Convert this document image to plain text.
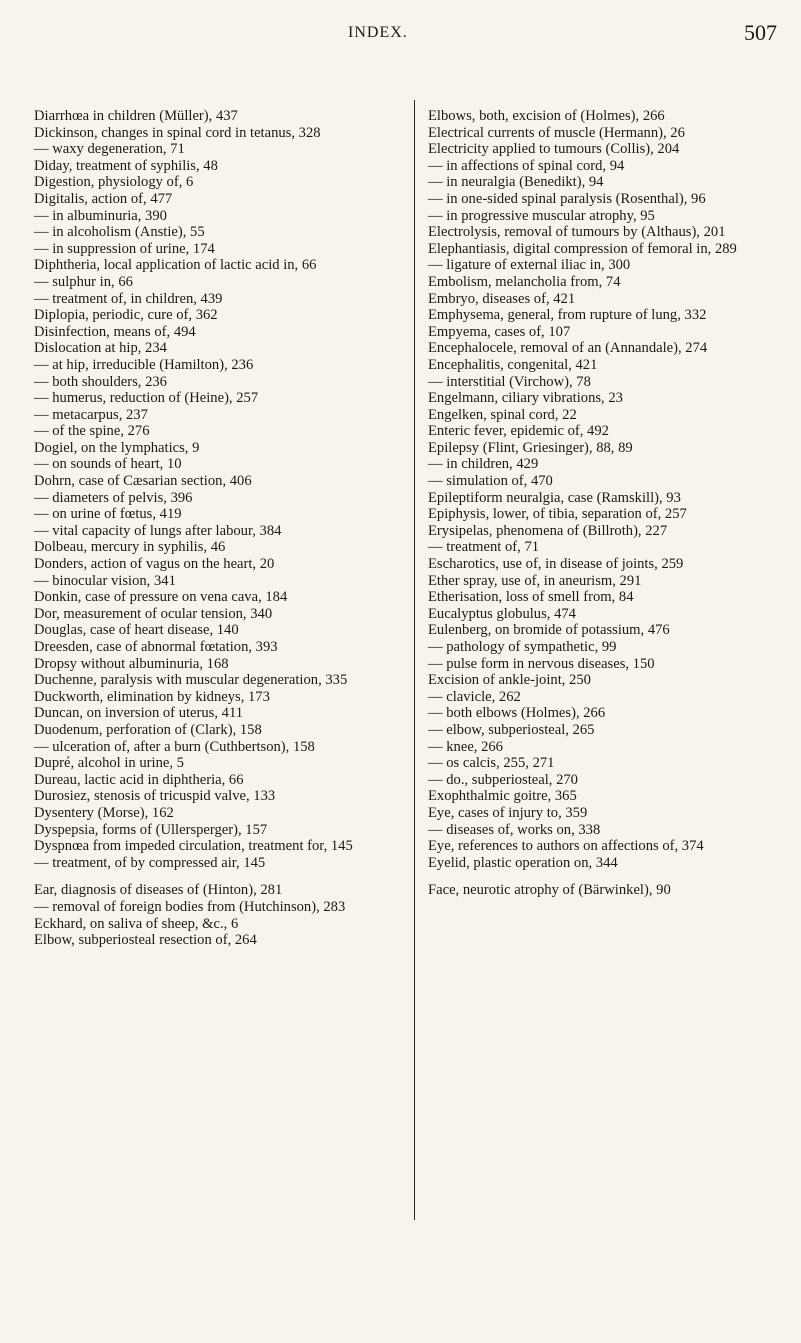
INDEX.	507

Diarrhœa in children (Müller), 437

Dickinson, changes in spinal cord in tetanus, 328

— waxy degeneration, 71

Diday, treatment of syphilis, 48

Digestion, physiology of, 6

Digitalis, action of, 477

— in albuminuria, 390

— in alcoholism (Anstie), 55

— in suppression of urine, 174

Diphtheria, local application of lactic acid in, 66

— sulphur in, 66

— treatment of, in children, 439

Diplopia, periodic, cure of, 362

Disinfection, means of, 494

Dislocation at hip, 234

— at hip, irreducible (Hamilton), 236

— both shoulders, 236

— humerus, reduction of (Heine), 257

— metacarpus, 237

— of the spine, 276

Dogiel, on the lymphatics, 9

— on sounds of heart, 10

Dohrn, case of Cæsarian section, 406

— diameters of pelvis, 396

— on urine of fœtus, 419

— vital capacity of lungs after labour, 384

Dolbeau, mercury in syphilis, 46

Donders, action of vagus on the heart, 20

— binocular vision, 341

Donkin, case of pressure on vena cava, 184

Dor, measurement of ocular tension, 340

Douglas, case of heart disease, 140

Dreesden, case of abnormal fœtation, 393

Dropsy without albuminuria, 168

Duchenne, paralysis with muscular degeneration, 335

Duckworth, elimination by kidneys, 173

Duncan, on inversion of uterus, 411

Duodenum, perforation of (Clark), 158

— ulceration of, after a burn (Cuthbertson), 158

Dupré, alcohol in urine, 5

Dureau, lactic acid in diphtheria, 66

Durosiez, stenosis of tricuspid valve, 133

Dysentery (Morse), 162

Dyspepsia, forms of (Ullersperger), 157

Dyspnœa from impeded circulation, treatment for, 145

— treatment, of by compressed air, 145

Ear, diagnosis of diseases of (Hinton), 281

— removal of foreign bodies from (Hutchinson), 283

Eckhard, on saliva of sheep, &c., 6

Elbow, subperiosteal resection of, 264

Elbows, both, excision of (Holmes), 266

Electrical currents of muscle (Hermann), 26

Electricity applied to tumours (Collis), 204

— in affections of spinal cord, 94

— in neuralgia (Benedikt), 94

— in one-sided spinal paralysis (Rosenthal), 96

— in progressive muscular atrophy, 95

Electrolysis, removal of tumours by (Althaus), 201

Elephantiasis, digital compression of femoral in, 289

— ligature of external iliac in, 300

Embolism, melancholia from, 74

Embryo, diseases of, 421

Emphysema, general, from rupture of lung, 332

Empyema, cases of, 107

Encephalocele, removal of an (Annandale), 274

Encephalitis, congenital, 421

— interstitial (Virchow), 78

Engelmann, ciliary vibrations, 23

Engelken, spinal cord, 22

Enteric fever, epidemic of, 492

Epilepsy (Flint, Griesinger), 88, 89

— in children, 429

— simulation of, 470

Epileptiform neuralgia, case (Ramskill), 93

Epiphysis, lower, of tibia, separation of, 257

Erysipelas, phenomena of (Billroth), 227

— treatment of, 71

Escharotics, use of, in disease of joints, 259

Ether spray, use of, in aneurism, 291

Etherisation, loss of smell from, 84

Eucalyptus globulus, 474

Eulenberg, on bromide of potassium, 476

— pathology of sympathetic, 99

— pulse form in nervous diseases, 150

Excision of ankle-joint, 250

— clavicle, 262

— both elbows (Holmes), 266

— elbow, subperiosteal, 265

— knee, 266

— os calcis, 255, 271

— do., subperiosteal, 270

Exophthalmic goitre, 365

Eye, cases of injury to, 359

— diseases of, works on, 338

Eye, references to authors on affections of, 374

Eyelid, plastic operation on, 344

Face, neurotic atrophy of (Bärwinkel), 90
